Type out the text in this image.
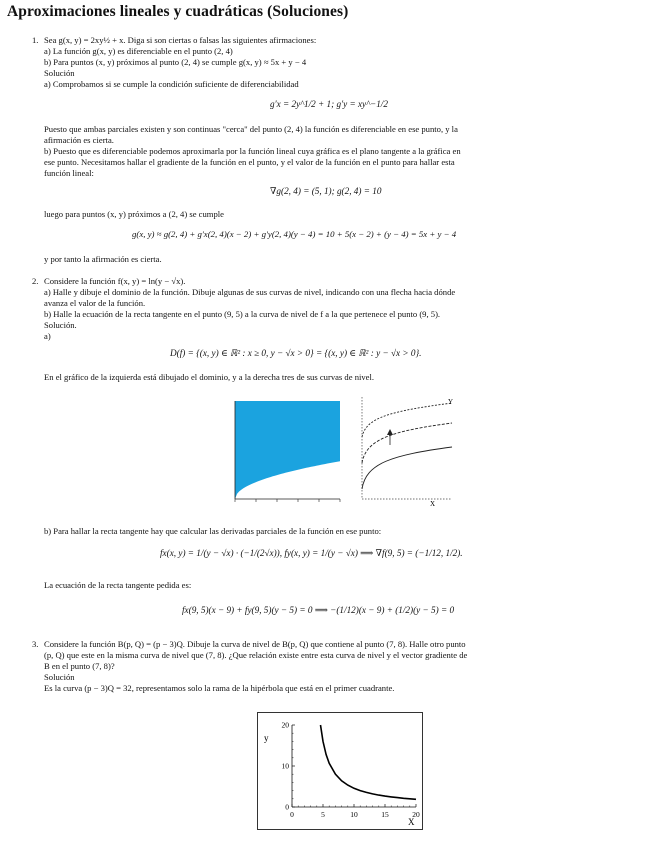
Aproximaciones lineales y cuadráticas (Soluciones)
1. Sea g(x, y) = 2xy½ + x. Diga si son ciertas o falsas las siguientes afirmaciones:
a) La función g(x, y) es diferenciable en el punto (2, 4)
b) Para puntos (x, y) próximos al punto (2, 4) se cumple g(x, y) ≈ 5x + y − 4
Solución
a) Comprobamos si se cumple la condición suficiente de diferenciabilidad
g′x = 2y^1/2 + 1; g′y = xy^−1/2
Puesto que ambas parciales existen y son continuas "cerca" del punto (2, 4) la función es diferenciable en ese punto, y la
afirmación es cierta.
b) Puesto que es diferenciable podemos aproximarla por la función lineal cuya gráfica es el plano tangente a la gráfica en
ese punto. Necesitamos hallar el gradiente de la función en el punto, y el valor de la función en el punto para hallar esta
función lineal:
∇g(2, 4) = (5, 1); g(2, 4) = 10
luego para puntos (x, y) próximos a (2, 4) se cumple
g(x, y) ≈ g(2, 4) + g′x(2, 4)(x − 2) + g′y(2, 4)(y − 4) = 10 + 5(x − 2) + (y − 4) = 5x + y − 4
y por tanto la afirmación es cierta.
2. Considere la función f(x, y) = ln(y − √x).
a) Halle y dibuje el dominio de la función. Dibuje algunas de sus curvas de nivel, indicando con una flecha hacia dónde
avanza el valor de la función.
b) Halle la ecuación de la recta tangente en el punto (9, 5) a la curva de nivel de f a la que pertenece el punto (9, 5).
Solución.
a)
D(f) = {(x, y) ∈ ℝ² : x ≥ 0, y − √x > 0} = {(x, y) ∈ ℝ² : y − √x > 0}.
En el gráfico de la izquierda está dibujado el dominio, y a la derecha tres de sus curvas de nivel.
Y
X
b) Para hallar la recta tangente hay que calcular las derivadas parciales de la función en ese punto:
fx(x, y) = 1/(y − √x) · (−1/(2√x)), fy(x, y) = 1/(y − √x) ⟹ ∇f(9, 5) = (−1/12, 1/2).
La ecuación de la recta tangente pedida es:
fx(9, 5)(x − 9) + fy(9, 5)(y − 5) = 0 ⟹ −(1/12)(x − 9) + (1/2)(y − 5) = 0
3. Considere la función B(p, Q) = (p − 3)Q. Dibuje la curva de nivel de B(p, Q) que contiene al punto (7, 8). Halle otro punto
(p, Q) que este en la misma curva de nivel que (7, 8). ¿Que relación existe entre esta curva de nivel y el vector gradiente de
B en el punto (7, 8)?
Solución
Es la curva (p − 3)Q = 32, representamos solo la rama de la hipérbola que está en el primer cuadrante.
y
X
0	5	10	15	20
0
10
20
